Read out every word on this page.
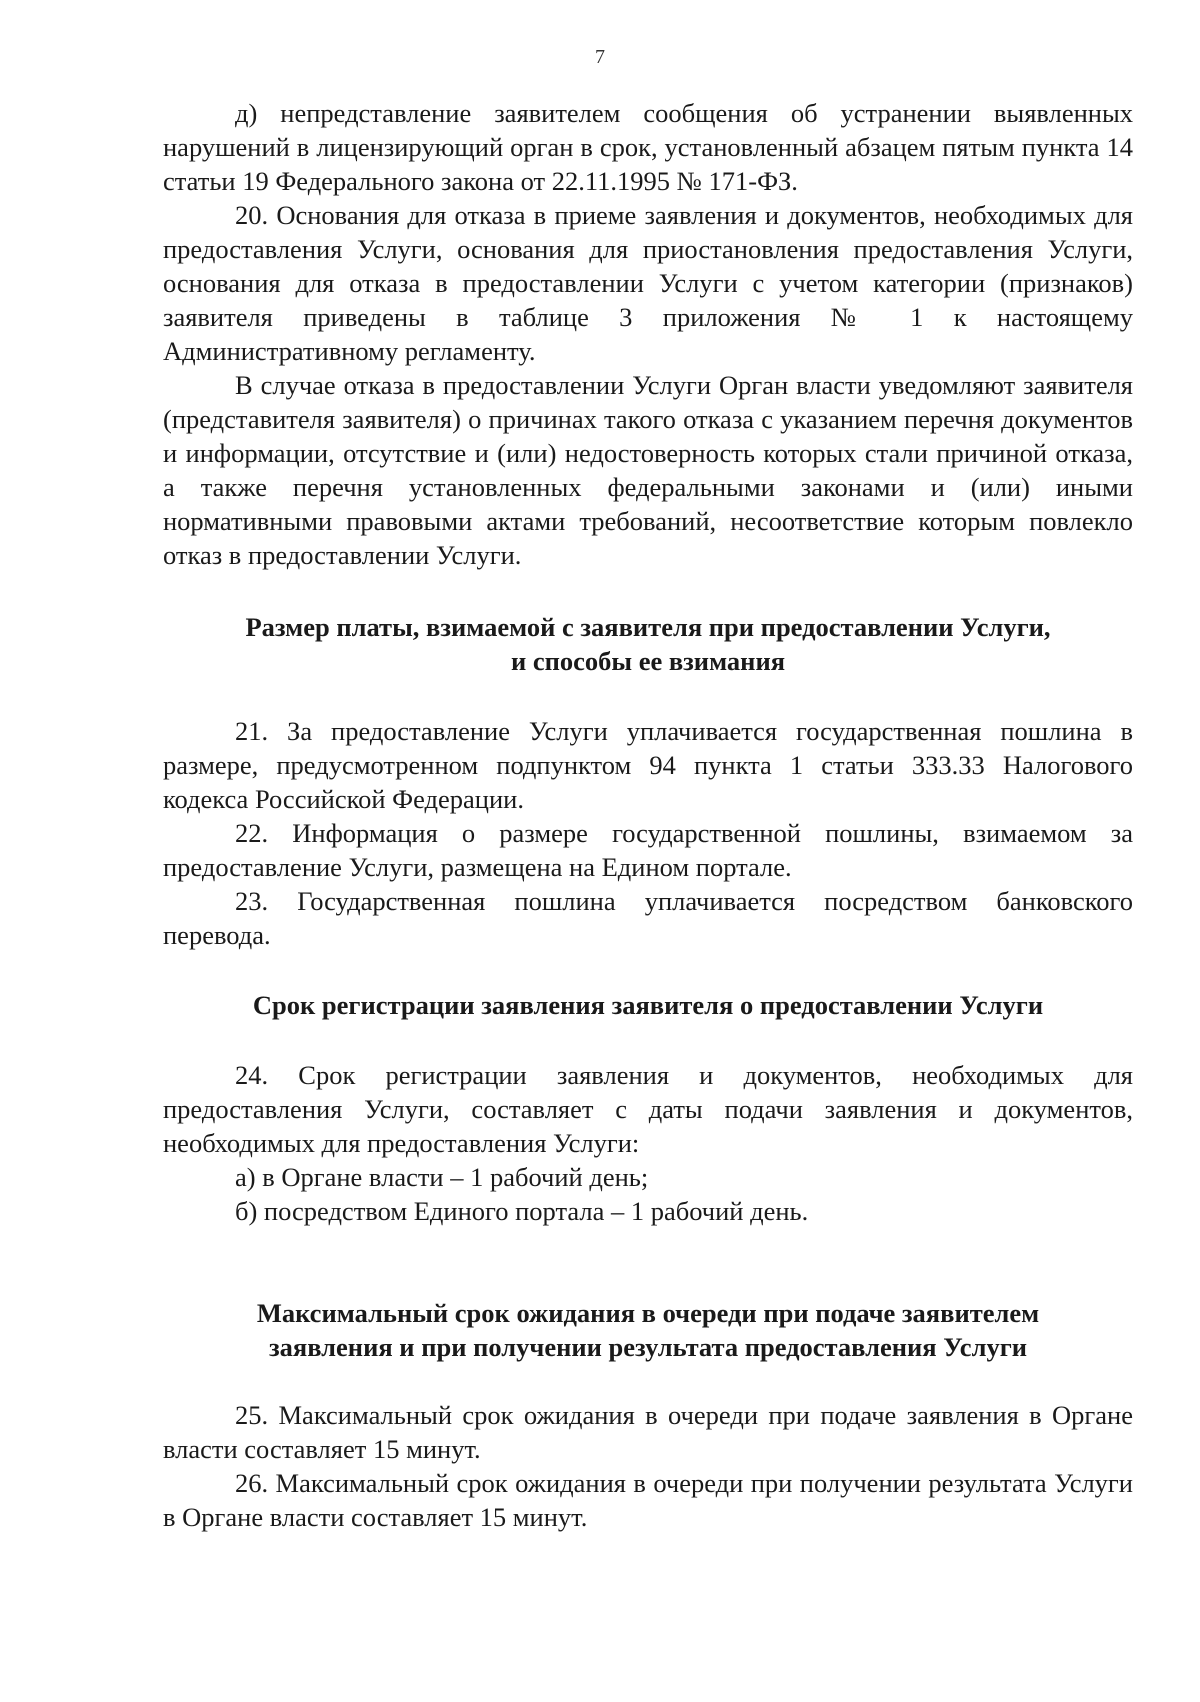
7

д) непредставление заявителем сообщения об устранении выявленных нарушений в лицензирующий орган в срок, установленный абзацем пятым пункта 14 статьи 19 Федерального закона от 22.11.1995 № 171-ФЗ.

20. Основания для отказа в приеме заявления и документов, необходимых для предоставления Услуги, основания для приостановления предоставления Услуги, основания для отказа в предоставлении Услуги с учетом категории (признаков) заявителя приведены в таблице 3 приложения № 1 к настоящему Административному регламенту.

В случае отказа в предоставлении Услуги Орган власти уведомляют заявителя (представителя заявителя) о причинах такого отказа с указанием перечня документов и информации, отсутствие и (или) недостоверность которых стали причиной отказа, а также перечня установленных федеральными законами и (или) иными нормативными правовыми актами требований, несоответствие которым повлекло отказ в предоставлении Услуги.

Размер платы, взимаемой с заявителя при предоставлении Услуги,

и способы ее взимания

21. За предоставление Услуги уплачивается государственная пошлина в размере, предусмотренном подпунктом 94 пункта 1 статьи 333.33 Налогового кодекса Российской Федерации.

22. Информация о размере государственной пошлины, взимаемом за предоставление Услуги, размещена на Едином портале.

23. Государственная пошлина уплачивается посредством банковского перевода.

Срок регистрации заявления заявителя о предоставлении Услуги

24. Срок регистрации заявления и документов, необходимых для предоставления Услуги, составляет с даты подачи заявления и документов, необходимых для предоставления Услуги:

а) в Органе власти – 1 рабочий день;

б) посредством Единого портала – 1 рабочий день.

Максимальный срок ожидания в очереди при подаче заявителем

заявления и при получении результата предоставления Услуги

25. Максимальный срок ожидания в очереди при подаче заявления в Органе власти составляет 15 минут.

26. Максимальный срок ожидания в очереди при получении результата Услуги в Органе власти составляет 15 минут.
